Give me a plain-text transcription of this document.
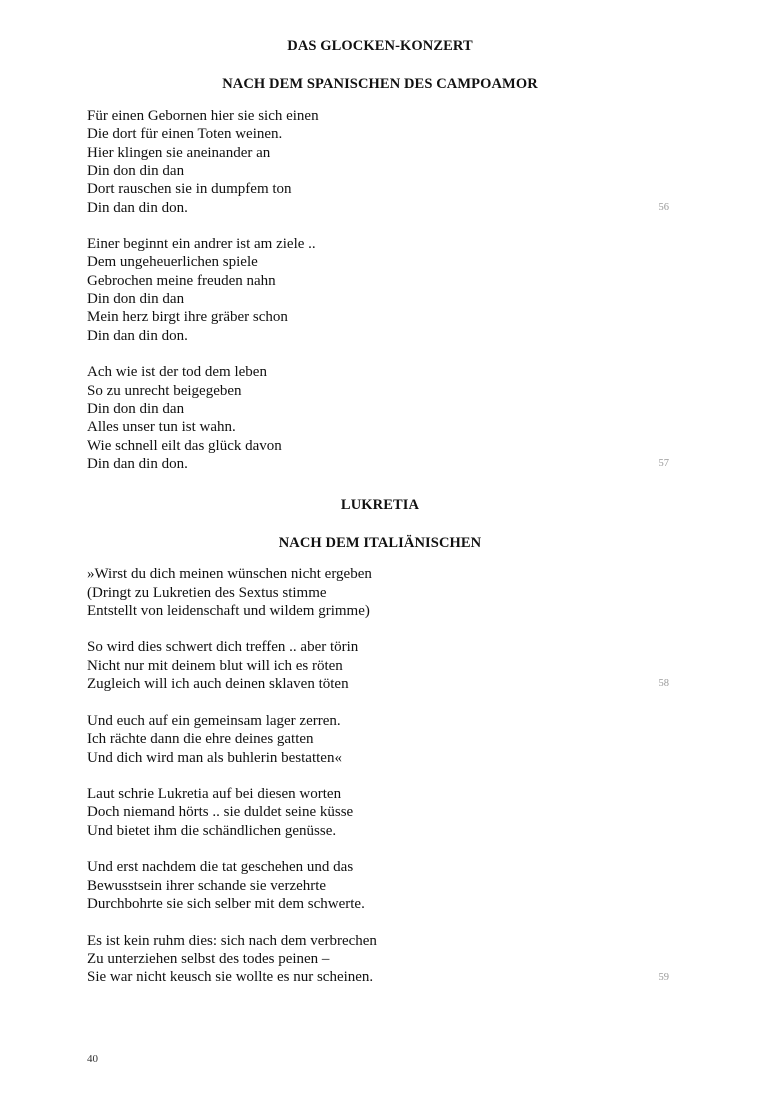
DAS GLOCKEN-KONZERT
NACH DEM SPANISCHEN DES CAMPOAMOR
Für einen Gebornen hier sie sich einen
Die dort für einen Toten weinen.
Hier klingen sie aneinander an
Din don din dan
Dort rauschen sie in dumpfem ton
Din dan din don.	56
Einer beginnt ein andrer ist am ziele ..
Dem ungeheuerlichen spiele
Gebrochen meine freuden nahn
Din don din dan
Mein herz birgt ihre gräber schon
Din dan din don.
Ach wie ist der tod dem leben
So zu unrecht beigegeben
Din don din dan
Alles unser tun ist wahn.
Wie schnell eilt das glück davon
Din dan din don.	57
LUKRETIA
NACH DEM ITALIÄNISCHEN
»Wirst du dich meinen wünschen nicht ergeben
(Dringt zu Lukretien des Sextus stimme
Entstellt von leidenschaft und wildem grimme)
So wird dies schwert dich treffen .. aber törin
Nicht nur mit deinem blut will ich es röten
Zugleich will ich auch deinen sklaven töten	58
Und euch auf ein gemeinsam lager zerren.
Ich rächte dann die ehre deines gatten
Und dich wird man als buhlerin bestatten«
Laut schrie Lukretia auf bei diesen worten
Doch niemand hörts .. sie duldet seine küsse
Und bietet ihm die schändlichen genüsse.
Und erst nachdem die tat geschehen und das
Bewusstsein ihrer schande sie verzehrte
Durchbohrte sie sich selber mit dem schwerte.
Es ist kein ruhm dies: sich nach dem verbrechen
Zu unterziehen selbst des todes peinen –
Sie war nicht keusch sie wollte es nur scheinen.	59
40
